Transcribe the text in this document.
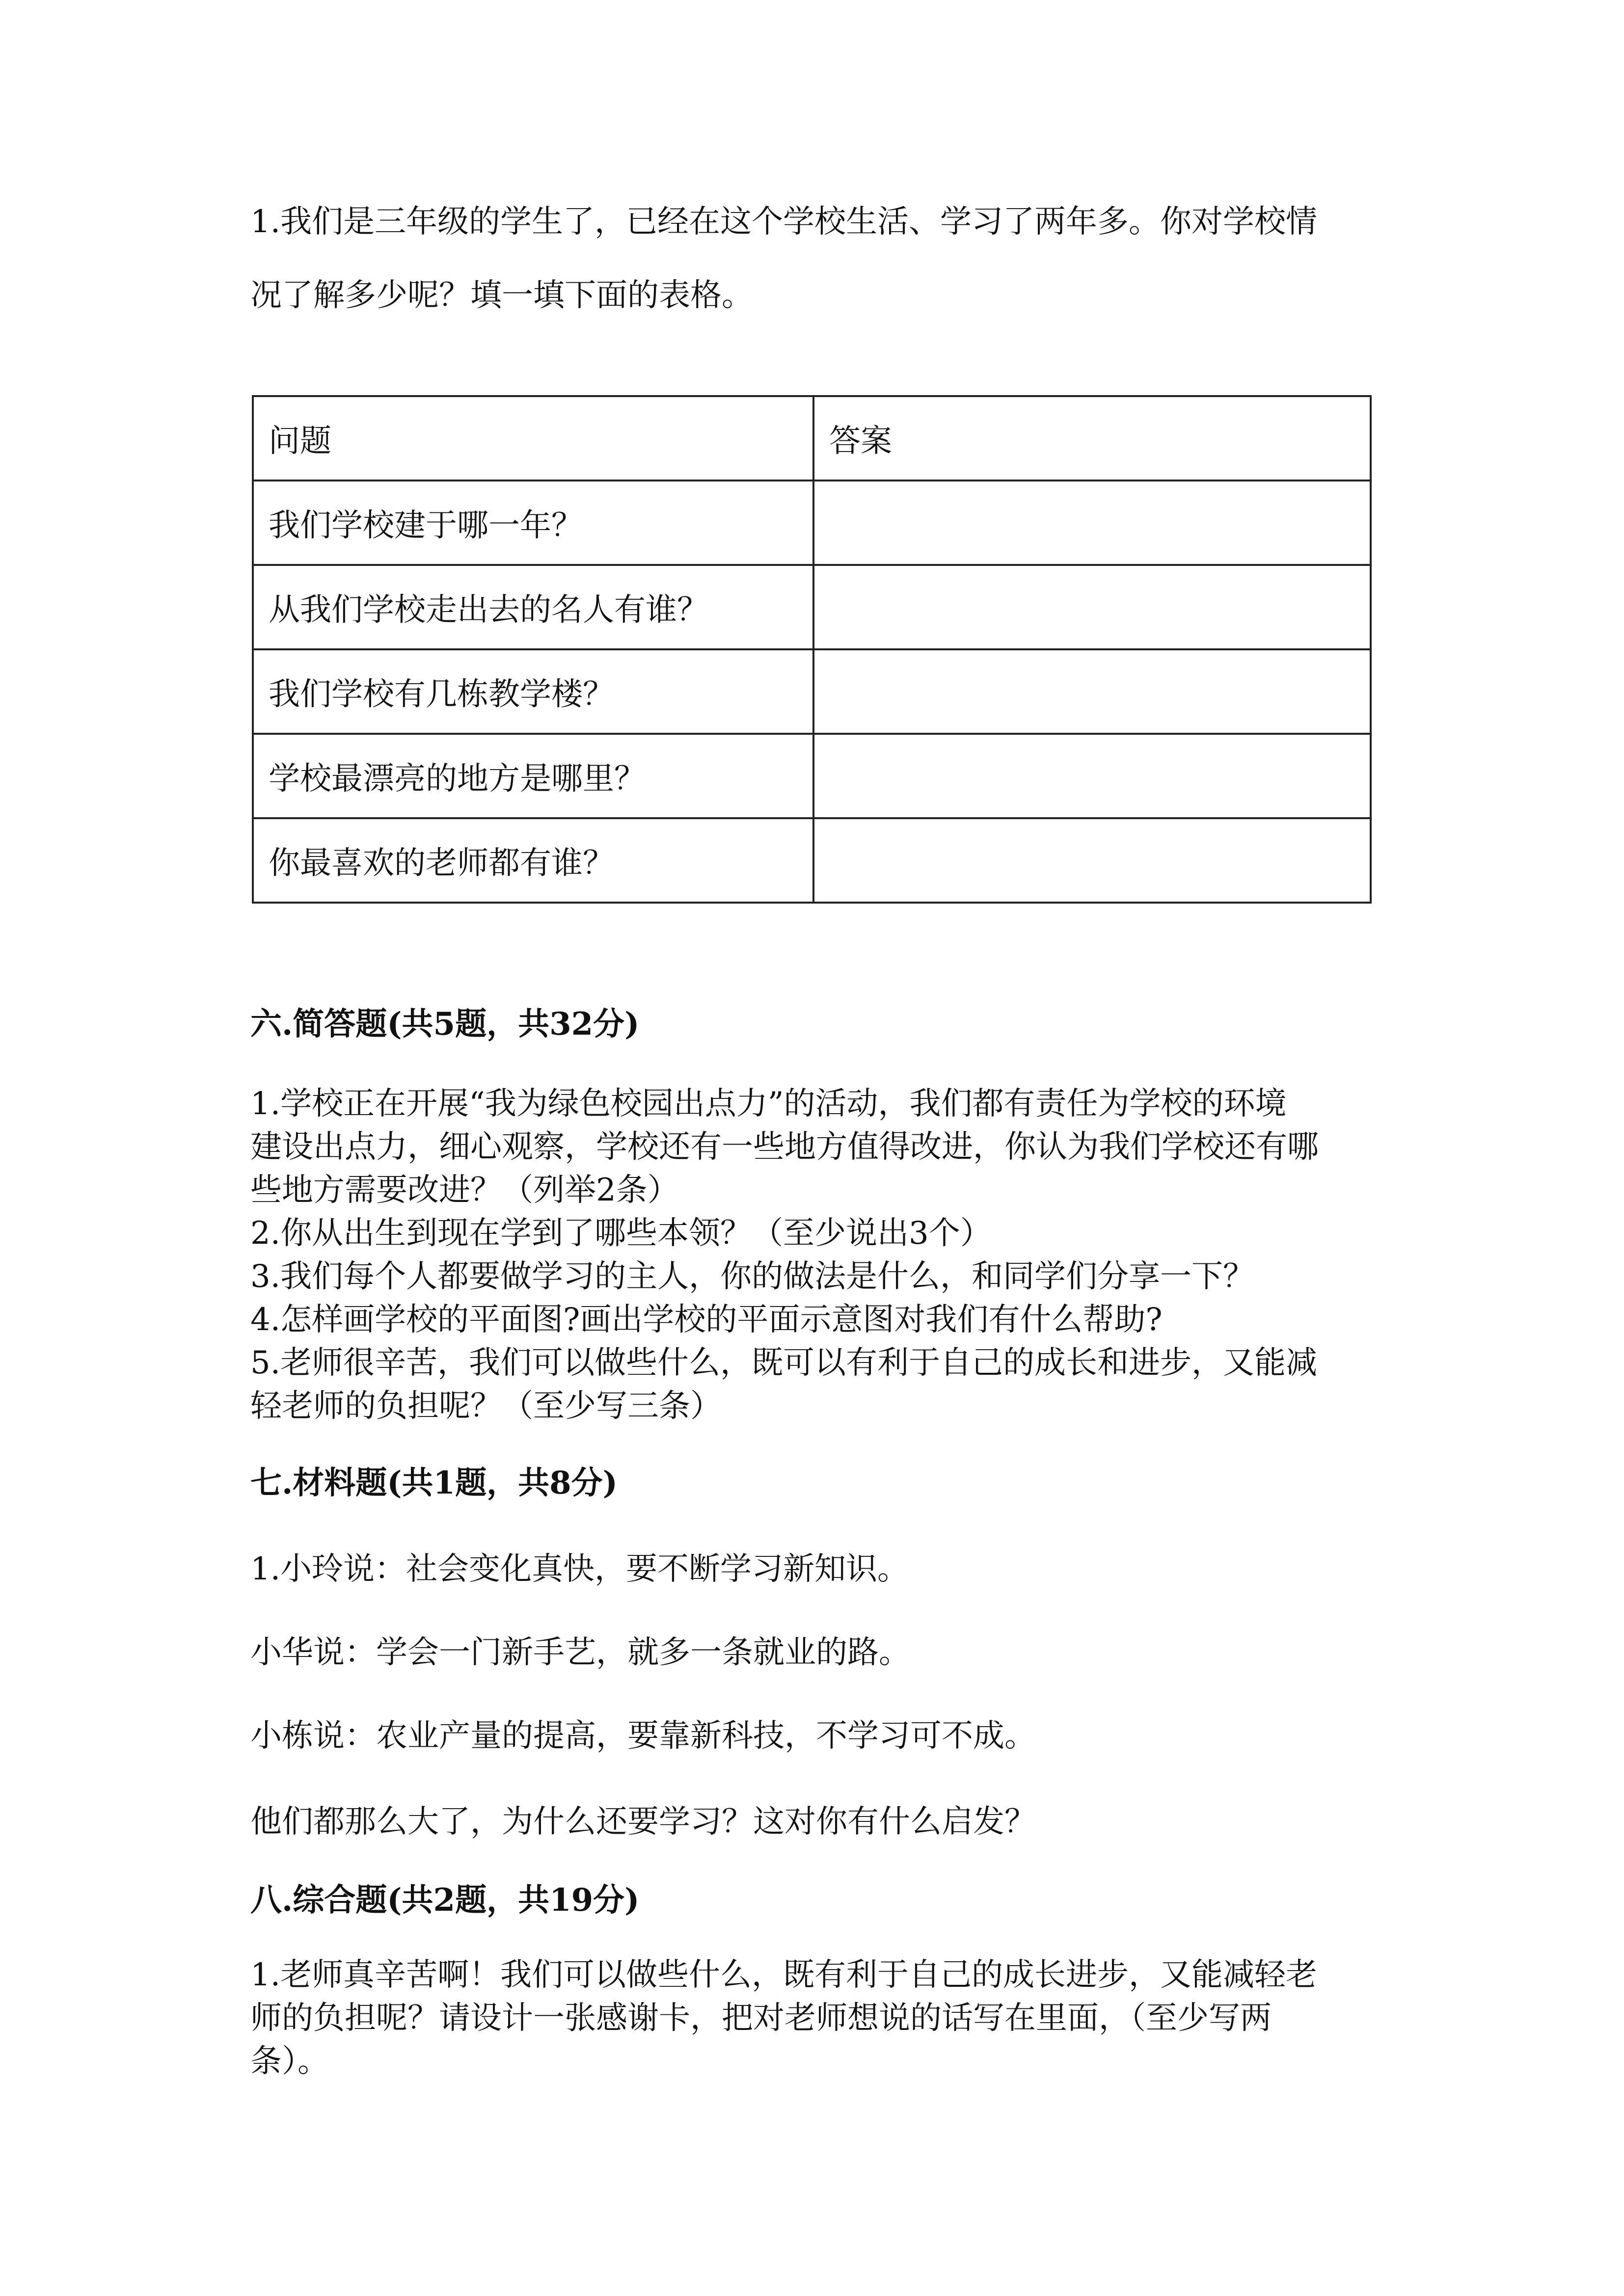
1.我们是三年级的学生了，已经在这个学校生活、学习了两年多。你对学校情
况了解多少呢？填一填下面的表格。
问题	答案
我们学校建于哪一年？	
从我们学校走出去的名人有谁？	
我们学校有几栋教学楼？	
学校最漂亮的地方是哪里？	
你最喜欢的老师都有谁？	
六.简答题(共5题，共32分)
1.学校正在开展“我为绿色校园出点力”的活动，我们都有责任为学校的环境
建设出点力，细心观察，学校还有一些地方值得改进，你认为我们学校还有哪
些地方需要改进？（列举2条）
2.你从出生到现在学到了哪些本领？（至少说出3个）
3.我们每个人都要做学习的主人，你的做法是什么，和同学们分享一下？
4.怎样画学校的平面图?画出学校的平面示意图对我们有什么帮助?
5.老师很辛苦，我们可以做些什么，既可以有利于自己的成长和进步，又能减
轻老师的负担呢？（至少写三条）
七.材料题(共1题，共8分)
1.小玲说：社会变化真快，要不断学习新知识。
小华说：学会一门新手艺，就多一条就业的路。
小栋说：农业产量的提高，要靠新科技，不学习可不成。
他们都那么大了，为什么还要学习？这对你有什么启发？
八.综合题(共2题，共19分)
1.老师真辛苦啊！我们可以做些什么，既有利于自己的成长进步，又能减轻老
师的负担呢？请设计一张感谢卡，把对老师想说的话写在里面，（至少写两
条）。
